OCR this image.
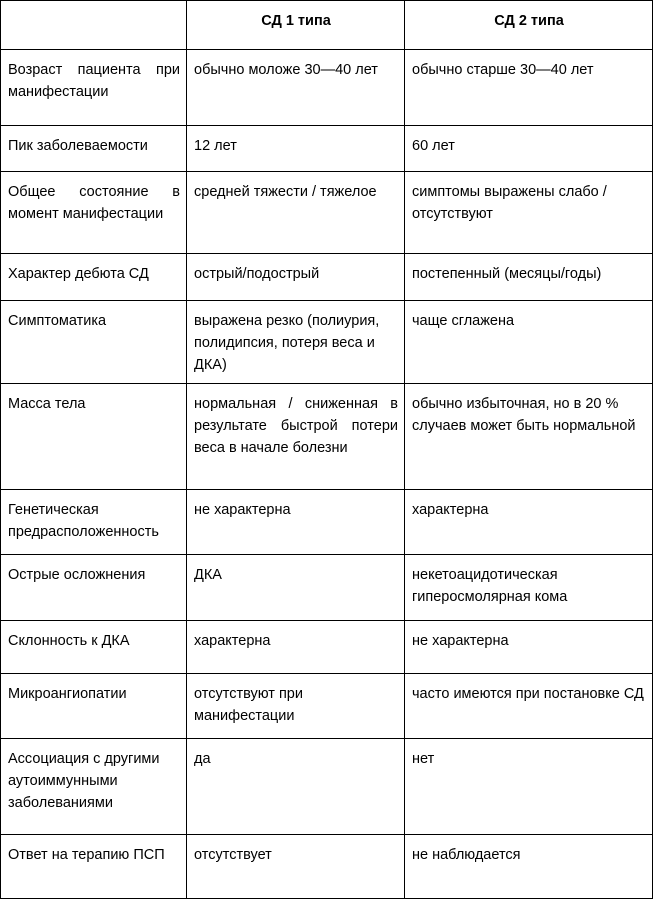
	СД 1 типа	СД 2 типа
Возраст пациента при манифестации	обычно моложе 30—40 лет	обычно старше 30—40 лет
Пик заболеваемости	12 лет	60 лет
Общее состояние в момент манифестации	средней тяжести / тяжелое	симптомы выражены слабо / отсутствуют
Характер дебюта СД	острый/подострый	постепенный (месяцы/годы)
Симптоматика	выражена резко (полиурия, полидипсия, потеря веса и ДКА)	чаще сглажена
Масса тела	нормальная / сниженная в результате быстрой потери веса в начале болезни	обычно избыточная, но в 20 % случаев может быть нормальной
Генетическая предрасположенность	не характерна	характерна
Острые осложнения	ДКА	некетоацидотическая гиперосмолярная кома
Склонность к ДКА	характерна	не характерна
Микроангиопатии	отсутствуют при манифестации	часто имеются при постановке СД
Ассоциация с другими аутоиммунными заболеваниями	да	нет
Ответ на терапию ПСП	отсутствует	не наблюдается
